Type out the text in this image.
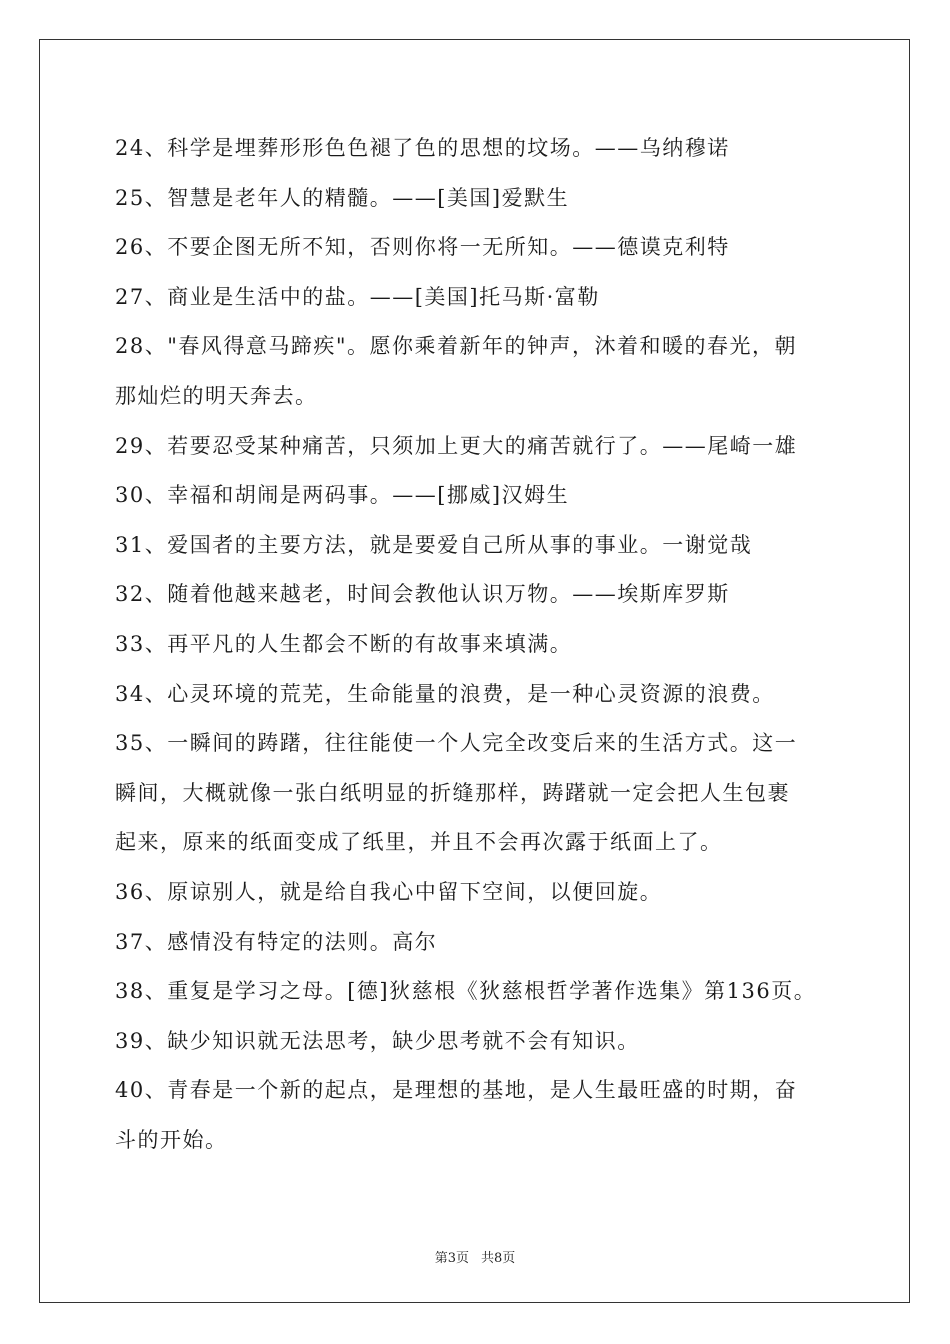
24、科学是埋葬形形色色褪了色的思想的坟场。——乌纳穆诺
25、智慧是老年人的精髓。——[美国]爱默生
26、不要企图无所不知，否则你将一无所知。——德谟克利特
27、商业是生活中的盐。——[美国]托马斯·富勒
28、"春风得意马蹄疾"。愿你乘着新年的钟声，沐着和暖的春光，朝
那灿烂的明天奔去。
29、若要忍受某种痛苦，只须加上更大的痛苦就行了。——尾崎一雄
30、幸福和胡闹是两码事。——[挪威]汉姆生
31、爱国者的主要方法，就是要爱自己所从事的事业。一谢觉哉
32、随着他越来越老，时间会教他认识万物。——埃斯库罗斯
33、再平凡的人生都会不断的有故事来填满。
34、心灵环境的荒芜，生命能量的浪费，是一种心灵资源的浪费。
35、一瞬间的踌躇，往往能使一个人完全改变后来的生活方式。这一
瞬间，大概就像一张白纸明显的折缝那样，踌躇就一定会把人生包裹
起来，原来的纸面变成了纸里，并且不会再次露于纸面上了。
36、原谅别人，就是给自我心中留下空间，以便回旋。
37、感情没有特定的法则。高尔
38、重复是学习之母。[德]狄慈根《狄慈根哲学著作选集》第136页。
39、缺少知识就无法思考，缺少思考就不会有知识。
40、青春是一个新的起点，是理想的基地，是人生最旺盛的时期，奋
斗的开始。
第3页 共8页
